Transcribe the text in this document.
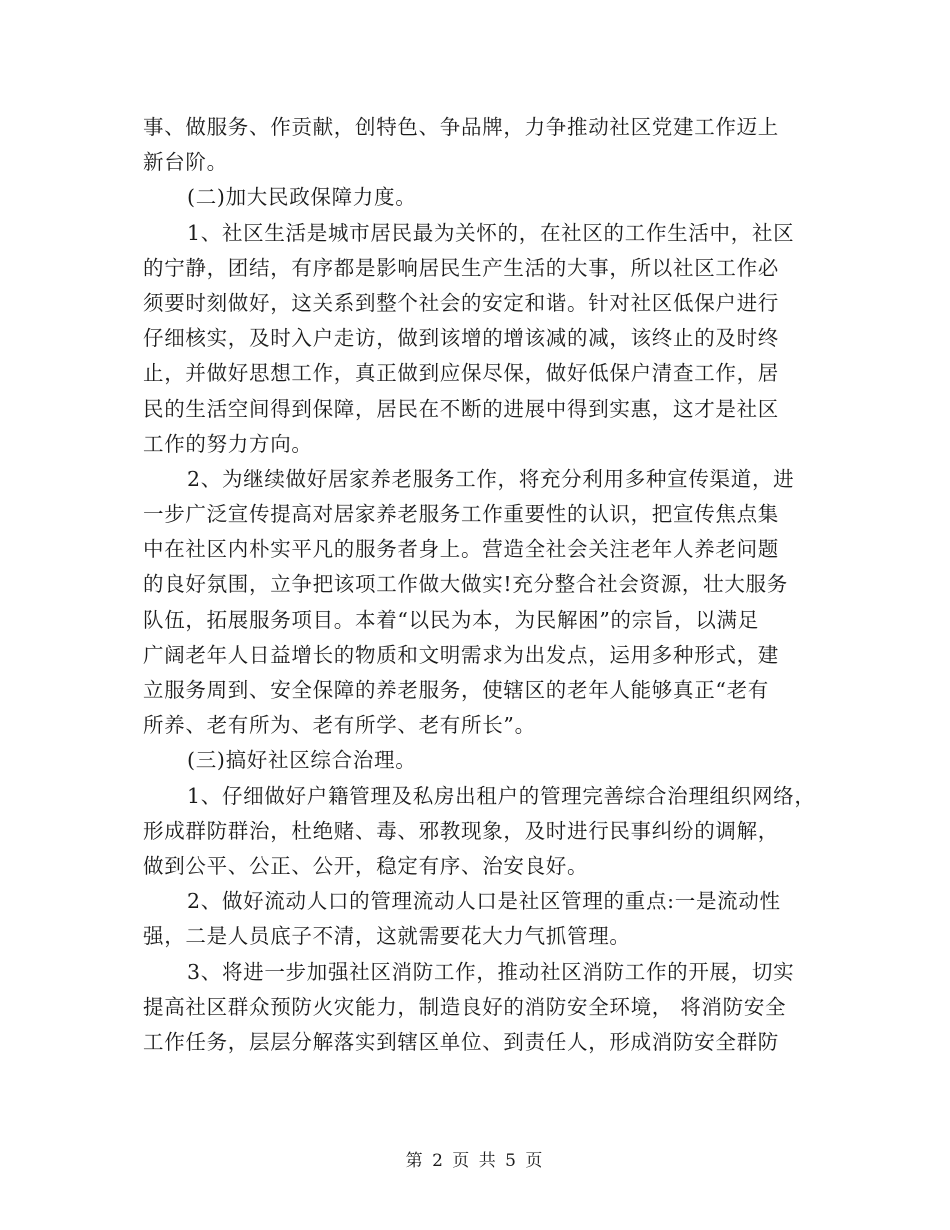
事、做服务、作贡献，创特色、争品牌，力争推动社区党建工作迈上
新台阶。
(二)加大民政保障力度。
1、社区生活是城市居民最为关怀的，在社区的工作生活中，社区
的宁静，团结，有序都是影响居民生产生活的大事，所以社区工作必
须要时刻做好，这关系到整个社会的安定和谐。针对社区低保户进行
仔细核实，及时入户走访，做到该增的增该减的减，该终止的及时终
止，并做好思想工作，真正做到应保尽保，做好低保户清查工作，居
民的生活空间得到保障，居民在不断的进展中得到实惠，这才是社区
工作的努力方向。
2、为继续做好居家养老服务工作，将充分利用多种宣传渠道，进
一步广泛宣传提高对居家养老服务工作重要性的认识，把宣传焦点集
中在社区内朴实平凡的服务者身上。营造全社会关注老年人养老问题
的良好氛围，立争把该项工作做大做实!充分整合社会资源，壮大服务
队伍，拓展服务项目。本着“以民为本，为民解困”的宗旨，以满足
广阔老年人日益增长的物质和文明需求为出发点，运用多种形式，建
立服务周到、安全保障的养老服务，使辖区的老年人能够真正“老有
所养、老有所为、老有所学、老有所长”。
(三)搞好社区综合治理。
1、仔细做好户籍管理及私房出租户的管理完善综合治理组织网络，
形成群防群治，杜绝赌、毒、邪教现象，及时进行民事纠纷的调解，
做到公平、公正、公开，稳定有序、治安良好。
2、做好流动人口的管理流动人口是社区管理的重点:一是流动性
强，二是人员底子不清，这就需要花大力气抓管理。
3、将进一步加强社区消防工作，推动社区消防工作的开展，切实
提高社区群众预防火灾能力，制造良好的消防安全环境， 将消防安全
工作任务，层层分解落实到辖区单位、到责任人，形成消防安全群防
第 2 页 共 5 页
